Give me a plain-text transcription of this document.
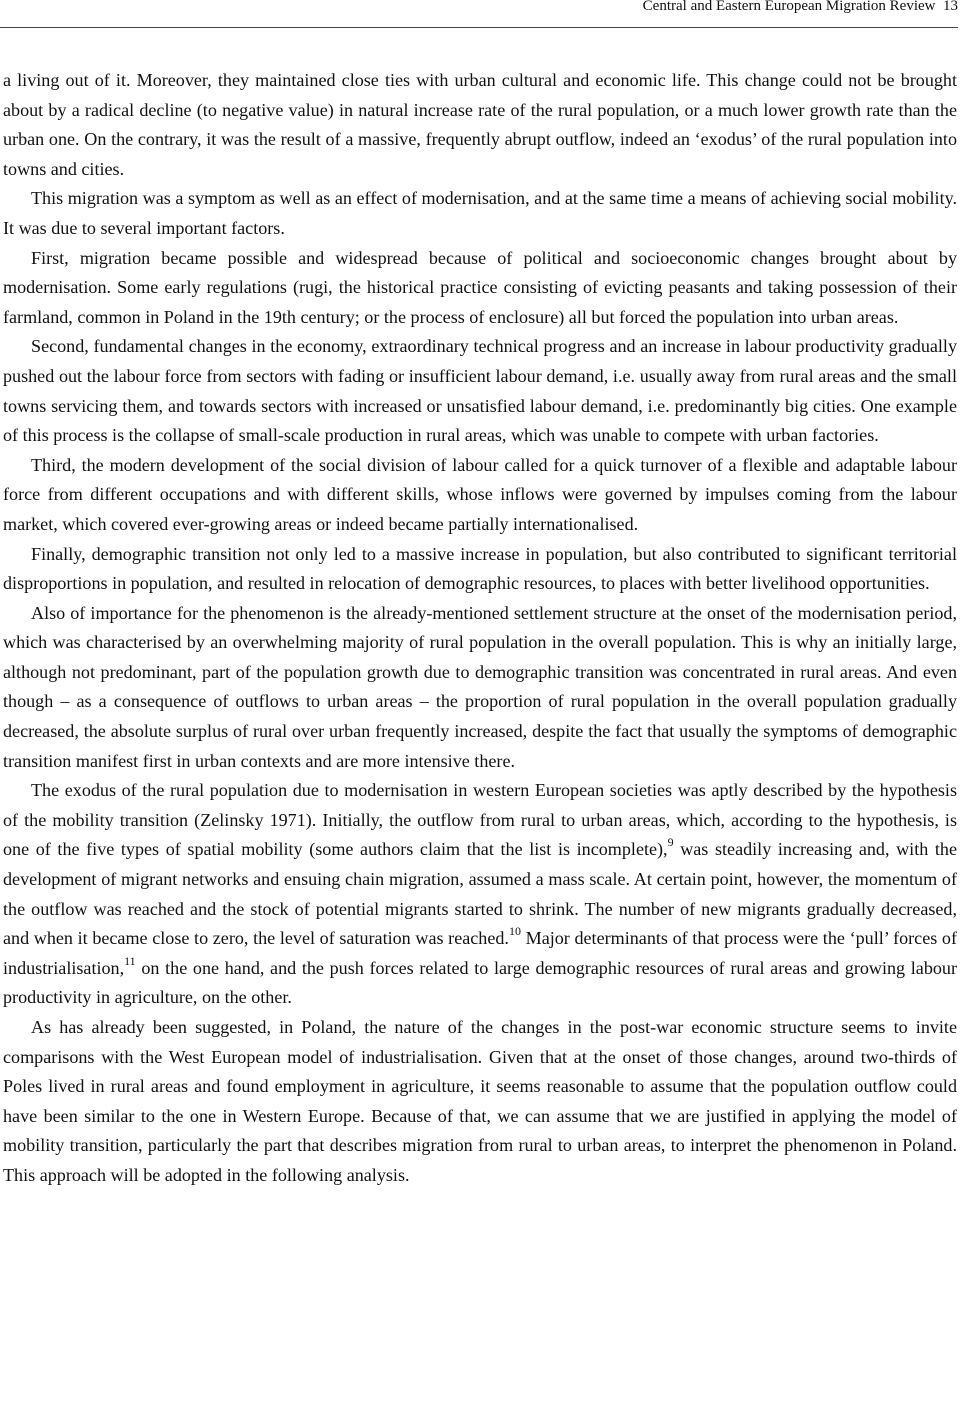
Central and Eastern European Migration Review 13

a living out of it. Moreover, they maintained close ties with urban cultural and economic life. This change could not be brought about by a radical decline (to negative value) in natural increase rate of the rural population, or a much lower growth rate than the urban one. On the contrary, it was the result of a massive, frequently abrupt outflow, indeed an ‘exodus’ of the rural population into towns and cities.

This migration was a symptom as well as an effect of modernisation, and at the same time a means of achieving social mobility. It was due to several important factors.

First, migration became possible and widespread because of political and socioeconomic changes brought about by modernisation. Some early regulations (rugi, the historical practice consisting of evicting peasants and taking possession of their farmland, common in Poland in the 19th century; or the process of enclosure) all but forced the population into urban areas.

Second, fundamental changes in the economy, extraordinary technical progress and an increase in labour productivity gradually pushed out the labour force from sectors with fading or insufficient labour demand, i.e. usually away from rural areas and the small towns servicing them, and towards sectors with increased or unsatisfied labour demand, i.e. predominantly big cities. One example of this process is the collapse of small-scale production in rural areas, which was unable to compete with urban factories.

Third, the modern development of the social division of labour called for a quick turnover of a flexible and adaptable labour force from different occupations and with different skills, whose inflows were governed by impulses coming from the labour market, which covered ever-growing areas or indeed became partially internationalised.

Finally, demographic transition not only led to a massive increase in population, but also contributed to significant territorial disproportions in population, and resulted in relocation of demographic resources, to places with better livelihood opportunities.

Also of importance for the phenomenon is the already-mentioned settlement structure at the onset of the modernisation period, which was characterised by an overwhelming majority of rural population in the overall population. This is why an initially large, although not predominant, part of the population growth due to demographic transition was concentrated in rural areas. And even though – as a consequence of outflows to urban areas – the proportion of rural population in the overall population gradually decreased, the absolute surplus of rural over urban frequently increased, despite the fact that usually the symptoms of demographic transition manifest first in urban contexts and are more intensive there.

The exodus of the rural population due to modernisation in western European societies was aptly described by the hypothesis of the mobility transition (Zelinsky 1971). Initially, the outflow from rural to urban areas, which, according to the hypothesis, is one of the five types of spatial mobility (some authors claim that the list is incomplete),$^9$ was steadily increasing and, with the development of migrant networks and ensuing chain migration, assumed a mass scale. At certain point, however, the momentum of the outflow was reached and the stock of potential migrants started to shrink. The number of new migrants gradually decreased, and when it became close to zero, the level of saturation was reached.$^{10}$ Major determinants of that process were the ‘pull’ forces of industrialisation,$^{11}$ on the one hand, and the push forces related to large demographic resources of rural areas and growing labour productivity in agriculture, on the other.

As has already been suggested, in Poland, the nature of the changes in the post-war economic structure seems to invite comparisons with the West European model of industrialisation. Given that at the onset of those changes, around two-thirds of Poles lived in rural areas and found employment in agriculture, it seems reasonable to assume that the population outflow could have been similar to the one in Western Europe. Because of that, we can assume that we are justified in applying the model of mobility transition, particularly the part that describes migration from rural to urban areas, to interpret the phenomenon in Poland. This approach will be adopted in the following analysis.
